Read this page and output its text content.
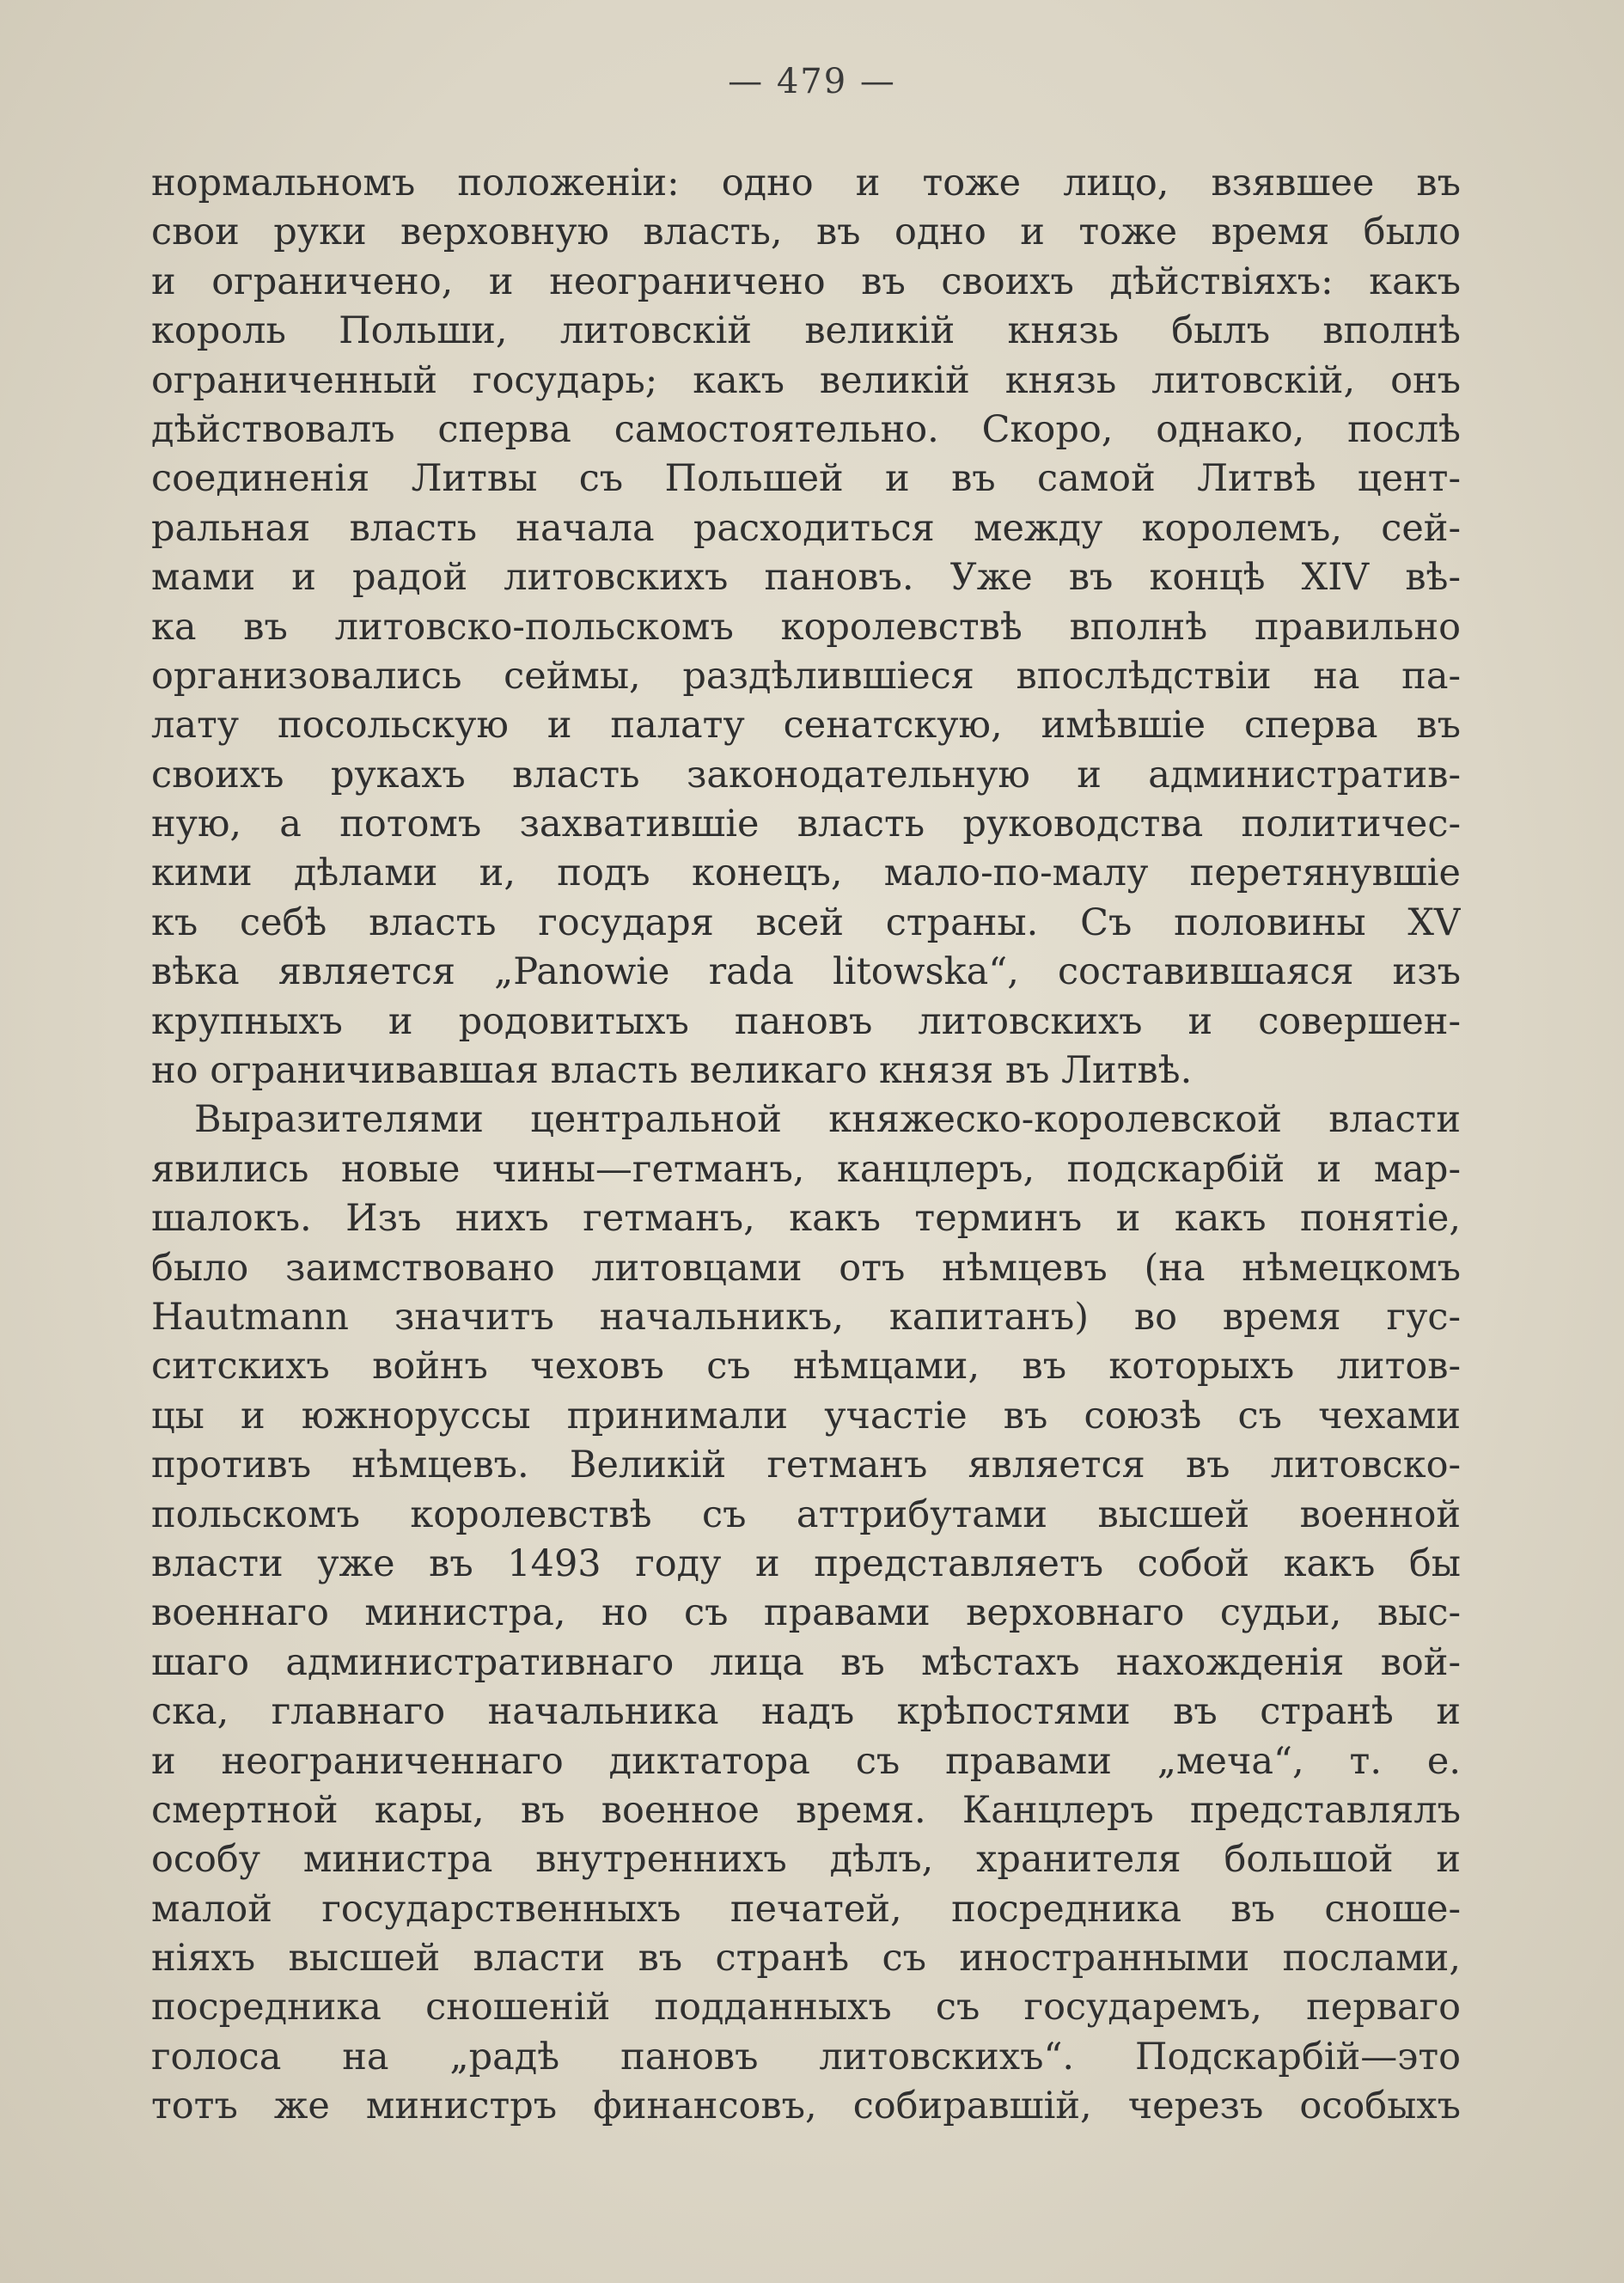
— 479 —
нормальномъ положеніи: одно и тоже лицо, взявшее въ
свои руки верховную власть, въ одно и тоже время было
и ограничено, и неограничено въ своихъ дѣйствіяхъ: какъ
король Польши, литовскій великій князь былъ вполнѣ
ограниченный государь; какъ великій князь литовскій, онъ
дѣйствовалъ сперва самостоятельно. Скоро, однако, послѣ
соединенія Литвы съ Польшей и въ самой Литвѣ цент-
ральная власть начала расходиться между королемъ, сей-
мами и радой литовскихъ пановъ. Уже въ концѣ XIV вѣ-
ка въ литовско-польскомъ королевствѣ вполнѣ правильно
организовались сеймы, раздѣлившіеся впослѣдствіи на па-
лату посольскую и палату сенатскую, имѣвшіе сперва въ
своихъ рукахъ власть законодательную и административ-
ную, а потомъ захватившіе власть руководства политичес-
кими дѣлами и, подъ конецъ, мало-по-малу перетянувшіе
къ себѣ власть государя всей страны. Съ половины XV
вѣка является „Panowie rada litowska“, составившаяся изъ
крупныхъ и родовитыхъ пановъ литовскихъ и совершен-
но ограничивавшая власть великаго князя въ Литвѣ.
Выразителями центральной княжеско-королевской власти
явились новые чины—гетманъ, канцлеръ, подскарбій и мар-
шалокъ. Изъ нихъ гетманъ, какъ терминъ и какъ понятіе,
было заимствовано литовцами отъ нѣмцевъ (на нѣмецкомъ
Hautmann значитъ начальникъ, капитанъ) во время гус-
ситскихъ войнъ чеховъ съ нѣмцами, въ которыхъ литов-
цы и южноруссы принимали участіе въ союзѣ съ чехами
противъ нѣмцевъ. Великій гетманъ является въ литовско-
польскомъ королевствѣ съ аттрибутами высшей военной
власти уже въ 1493 году и представляетъ собой какъ бы
военнаго министра, но съ правами верховнаго судьи, выс-
шаго административнаго лица въ мѣстахъ нахожденія вой-
ска, главнаго начальника надъ крѣпостями въ странѣ и
и неограниченнаго диктатора съ правами „меча“, т. е.
смертной кары, въ военное время. Канцлеръ представлялъ
особу министра внутреннихъ дѣлъ, хранителя большой и
малой государственныхъ печатей, посредника въ сноше-
ніяхъ высшей власти въ странѣ съ иностранными послами,
посредника сношеній подданныхъ съ государемъ, перваго
голоса на „радѣ пановъ литовскихъ“. Подскарбій—это
тотъ же министръ финансовъ, собиравшій, черезъ особыхъ
